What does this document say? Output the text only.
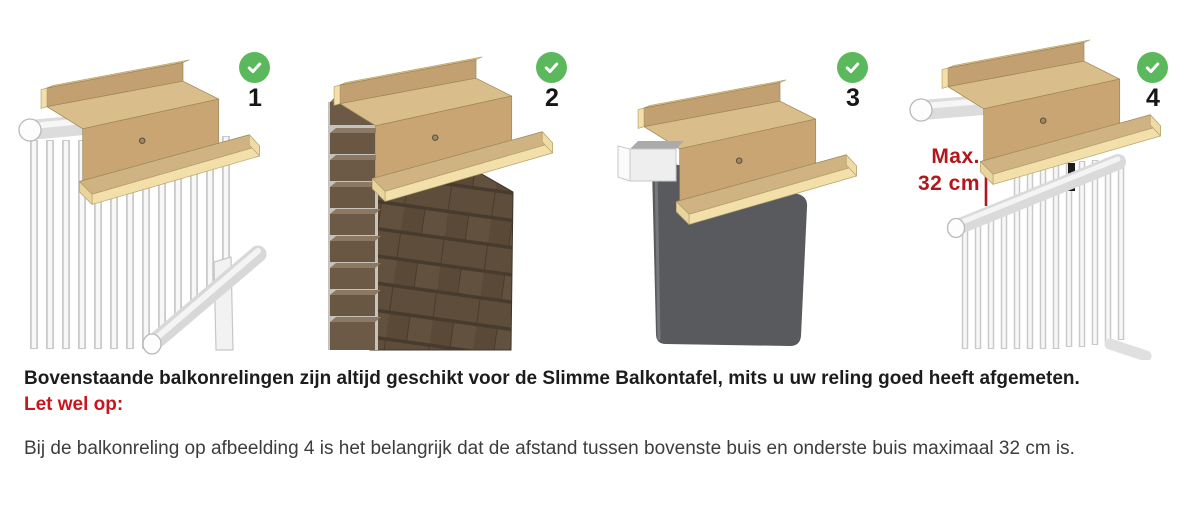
1	2	3	4
Max.
32 cm

Bovenstaande balkonrelingen zijn altijd geschikt voor de Slimme Balkontafel, mits u uw reling goed heeft afgemeten.

Let wel op:

Bij de balkonreling op afbeelding 4 is het belangrijk dat de afstand tussen bovenste buis en onderste buis maximaal 32 cm is.
